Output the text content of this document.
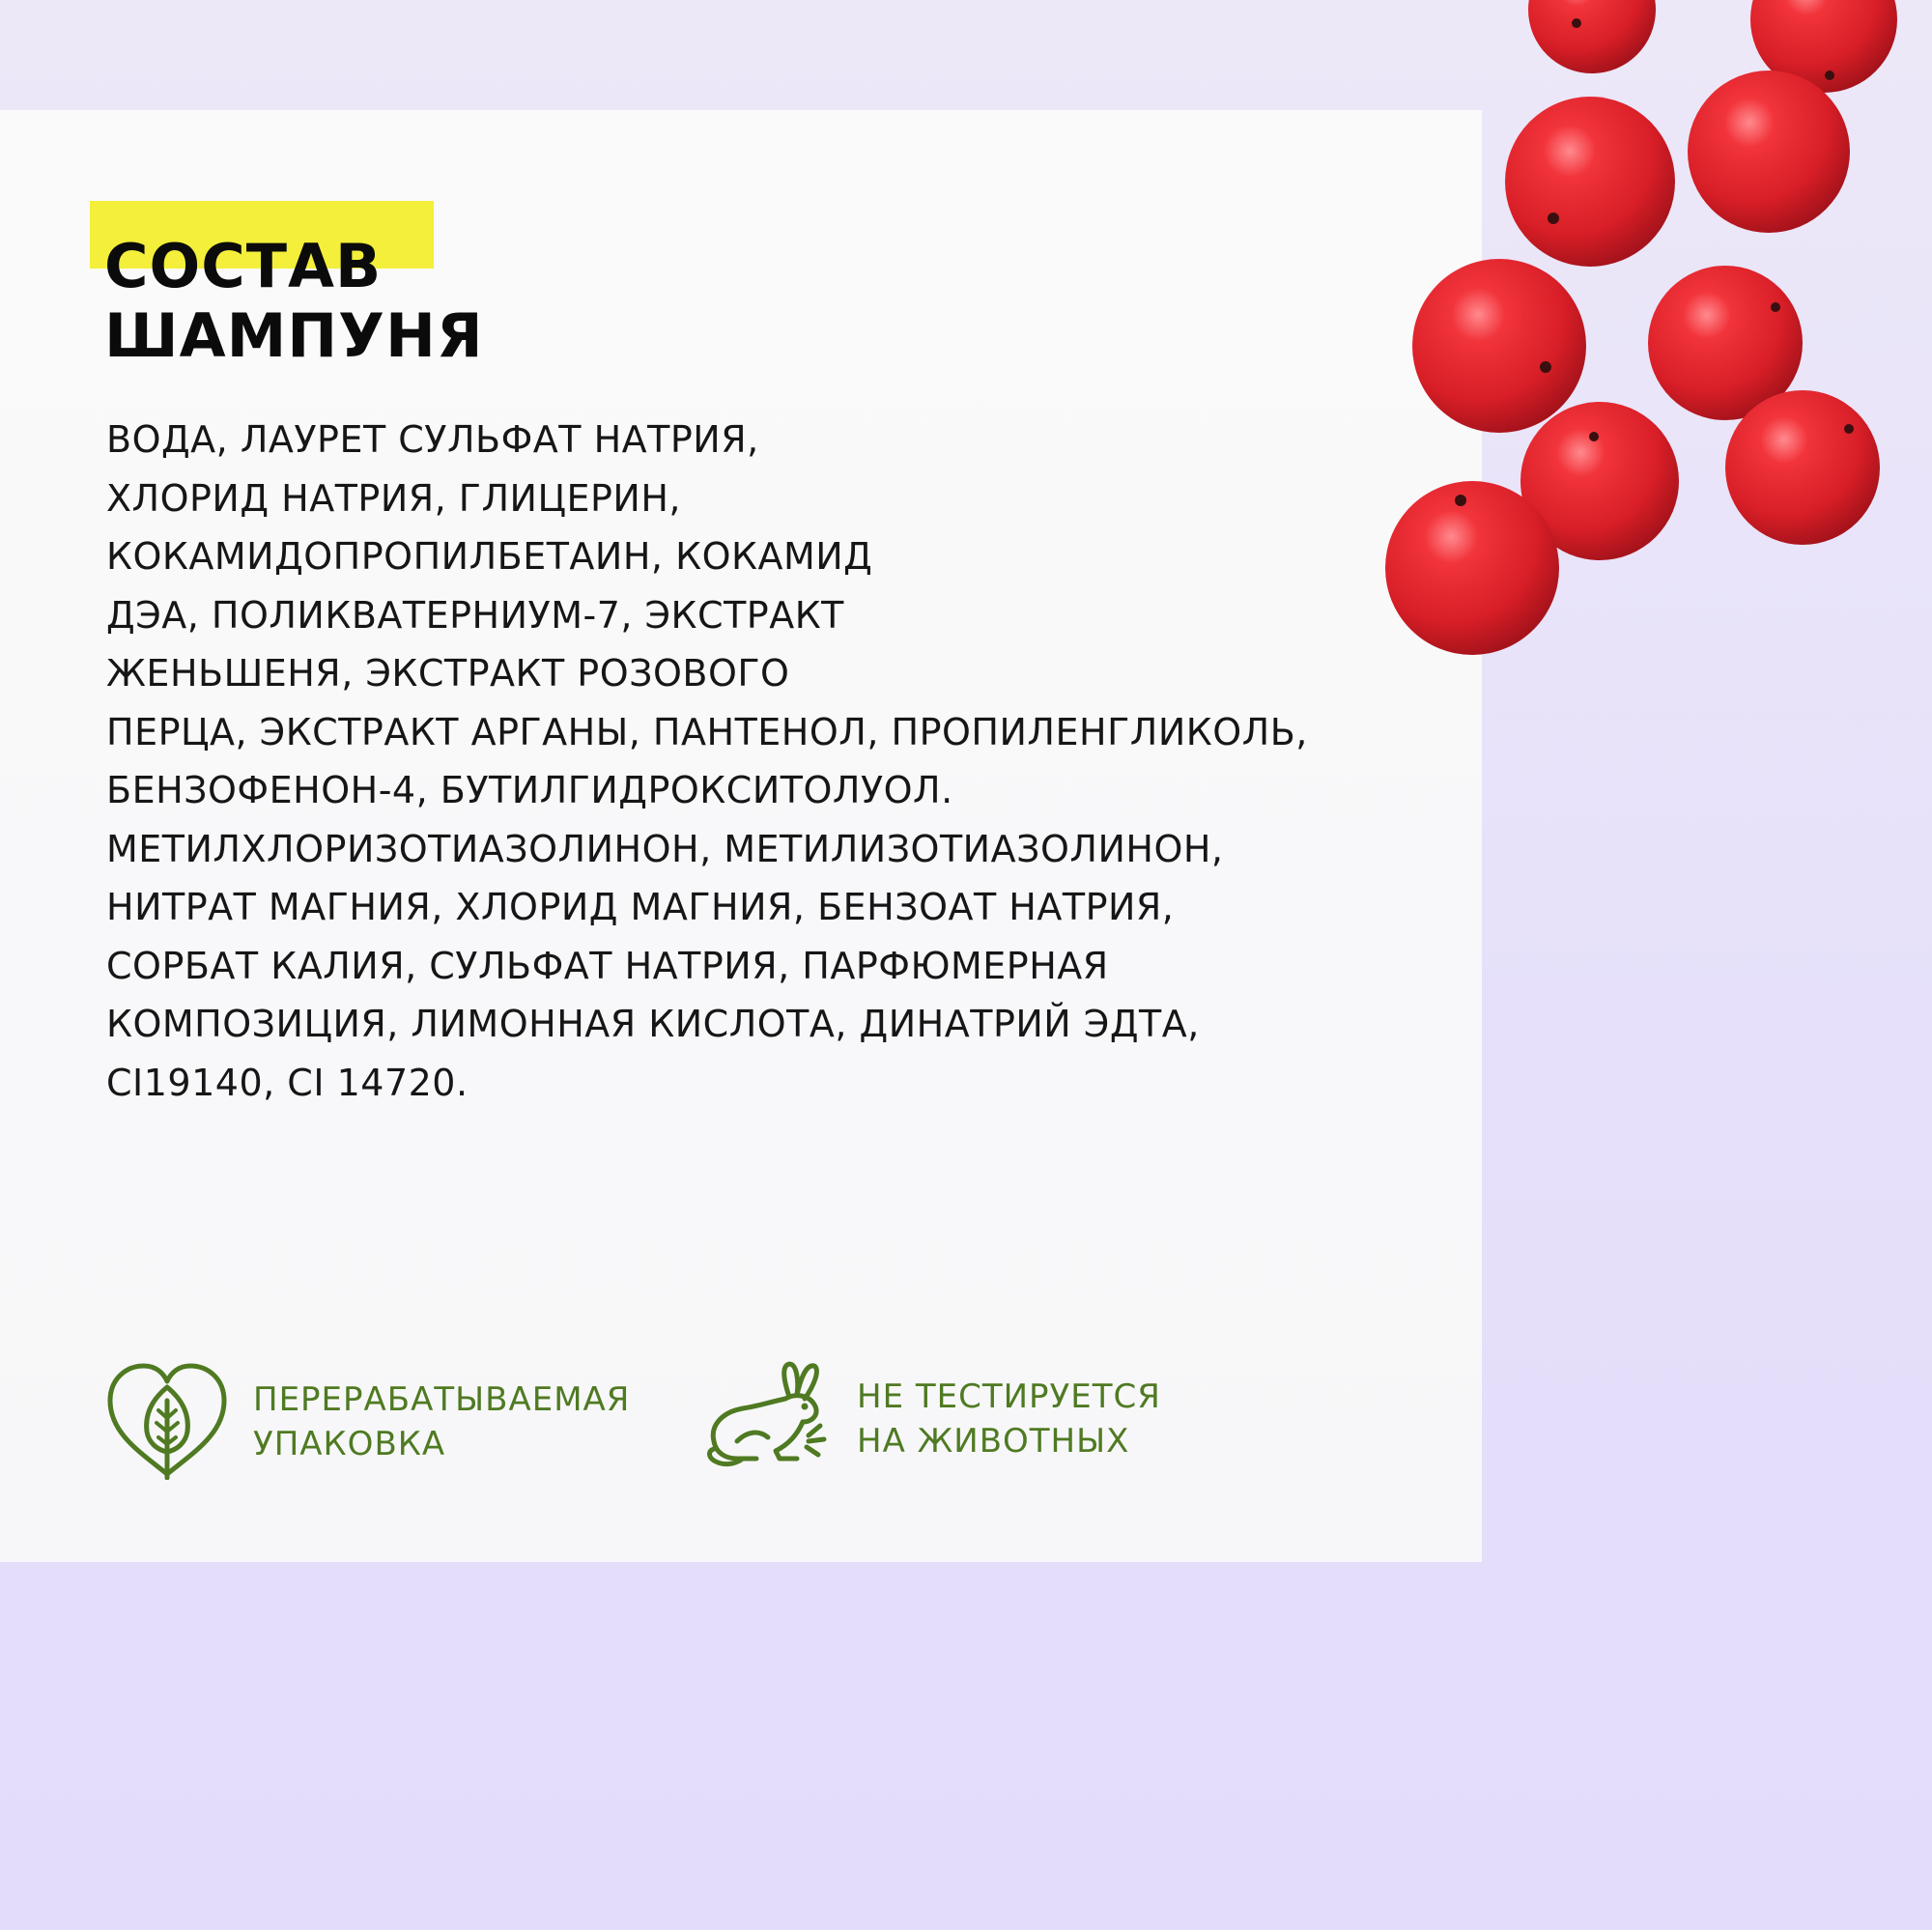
СОСТАВ
ШАМПУНЯ

ВОДА, ЛАУРЕТ СУЛЬФАТ НАТРИЯ,
ХЛОРИД НАТРИЯ, ГЛИЦЕРИН,
КОКАМИДОПРОПИЛБЕТАИН, КОКАМИД
ДЭА, ПОЛИКВАТЕРНИУМ-7, ЭКСТРАКТ
ЖЕНЬШЕНЯ, ЭКСТРАКТ РОЗОВОГО
ПЕРЦА, ЭКСТРАКТ АРГАНЫ, ПАНТЕНОЛ, ПРОПИЛЕНГЛИКОЛЬ,
БЕНЗОФЕНОН-4, БУТИЛГИДРОКСИТОЛУОЛ.
МЕТИЛХЛОРИЗОТИАЗОЛИНОН, МЕТИЛИЗОТИАЗОЛИНОН,
НИТРАТ МАГНИЯ, ХЛОРИД МАГНИЯ, БЕНЗОАТ НАТРИЯ,
СОРБАТ КАЛИЯ, СУЛЬФАТ НАТРИЯ, ПАРФЮМЕРНАЯ
КОМПОЗИЦИЯ, ЛИМОННАЯ КИСЛОТА, ДИНАТРИЙ ЭДТА,
CI19140, CI 14720.

ПЕРЕРАБАТЫВАЕМАЯ
УПАКОВКА
НЕ ТЕСТИРУЕТСЯ
НА ЖИВОТНЫХ
